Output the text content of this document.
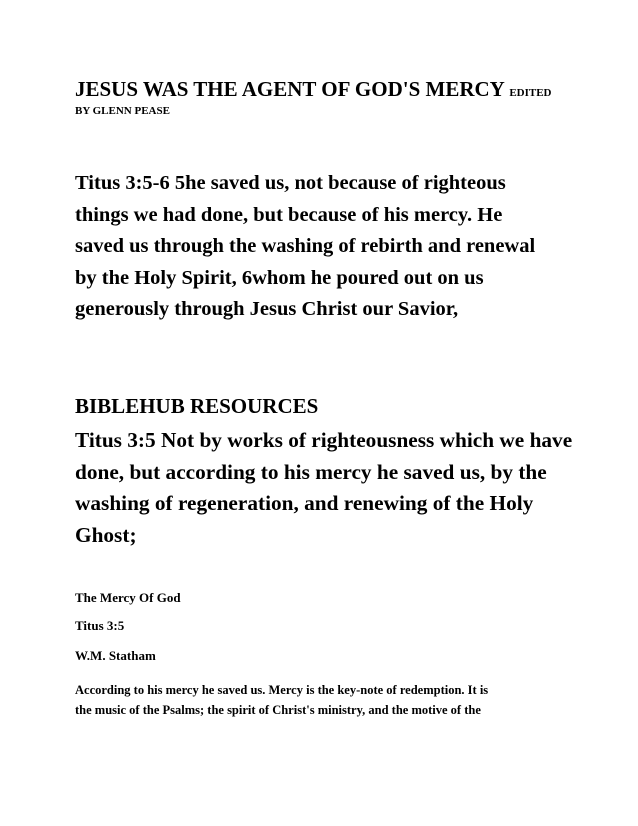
JESUS WAS THE AGENT OF GOD'S MERCY EDITED
BY GLENN PEASE
Titus 3:5-6 5he saved us, not because of righteous
things we had done, but because of his mercy. He
saved us through the washing of rebirth and renewal
by the Holy Spirit, 6whom he poured out on us
generously through Jesus Christ our Savior,
BIBLEHUB RESOURCES
Titus 3:5 Not by works of righteousness which we have
done, but according to his mercy he saved us, by the
washing of regeneration, and renewing of the Holy
Ghost;
The Mercy Of God
Titus 3:5
W.M. Statham
According to his mercy he saved us. Mercy is the key-note of redemption. It is
the music of the Psalms; the spirit of Christ's ministry, and the motive of the
